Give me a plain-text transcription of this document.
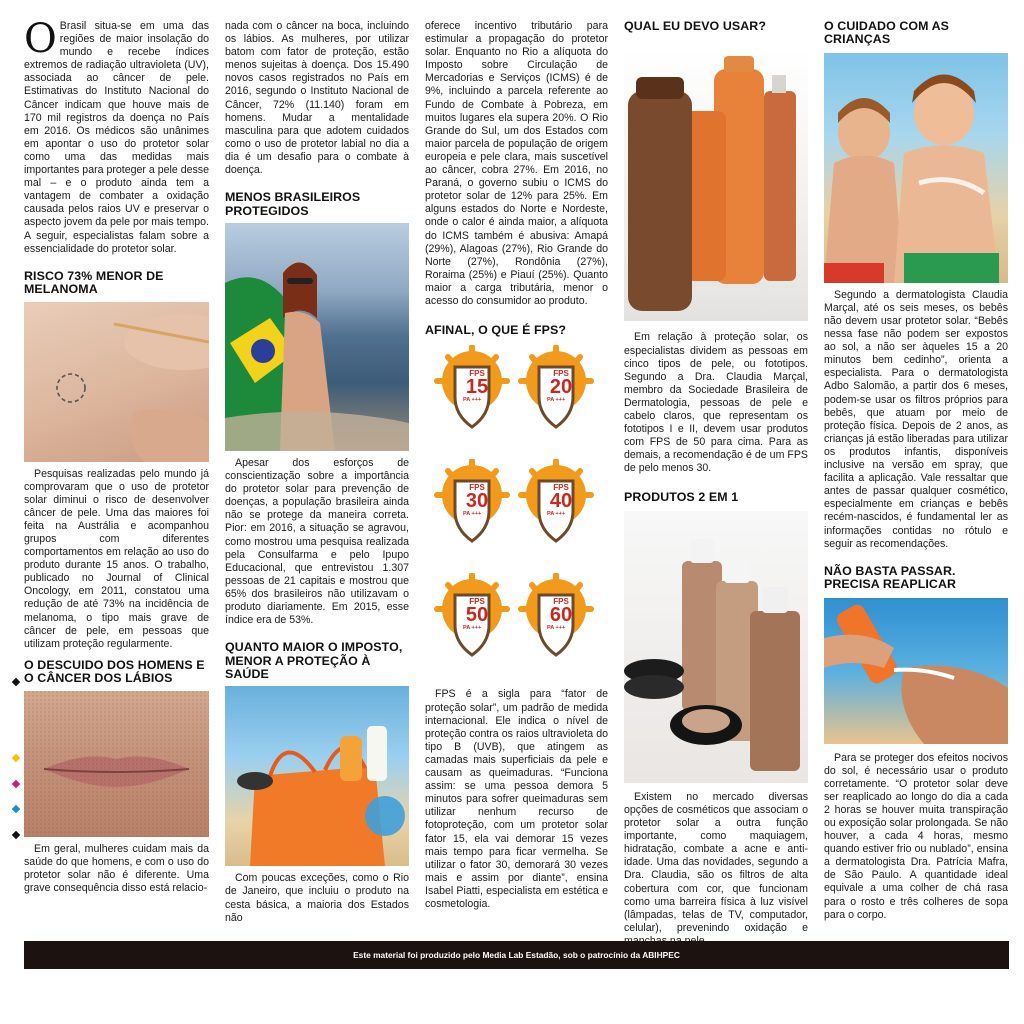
O Brasil situa-se em uma das regiões de maior insolação do mundo e recebe índices extremos de radiação ultravioleta (UV), associada ao câncer de pele. Estimativas do Instituto Nacional do Câncer indicam que houve mais de 170 mil registros da doença no País em 2016. Os médicos são unânimes em apontar o uso do protetor solar como uma das medidas mais importantes para proteger a pele desse mal – e o produto ainda tem a vantagem de combater a oxidação causada pelos raios UV e preservar o aspecto jovem da pele por mais tempo. A seguir, especialistas falam sobre a essencialidade do protetor solar.

RISCO 73% MENOR DE MELANOMA

Pesquisas realizadas pelo mundo já comprovaram que o uso de protetor solar diminui o risco de desenvolver câncer de pele. Uma das maiores foi feita na Austrália e acompanhou grupos com diferentes comportamentos em relação ao uso do produto durante 15 anos. O trabalho, publicado no Journal of Clinical Oncology, em 2011, constatou uma redução de até 73% na incidência de melanoma, o tipo mais grave de câncer de pele, em pessoas que utilizam proteção regularmente.

O DESCUIDO DOS HOMENS E O CÂNCER DOS LÁBIOS

Em geral, mulheres cuidam mais da saúde do que homens, e com o uso do protetor solar não é diferente. Uma grave consequência disso está relacio-

nada com o câncer na boca, incluindo os lábios. As mulheres, por utilizar batom com fator de proteção, estão menos sujeitas à doença. Dos 15.490 novos casos registrados no País em 2016, segundo o Instituto Nacional de Câncer, 72% (11.140) foram em homens. Mudar a mentalidade masculina para que adotem cuidados como o uso de protetor labial no dia a dia é um desafio para o combate à doença.

MENOS BRASILEIROS PROTEGIDOS

Apesar dos esforços de conscientização sobre a importância do protetor solar para prevenção de doenças, a população brasileira ainda não se protege da maneira correta. Pior: em 2016, a situação se agravou, como mostrou uma pesquisa realizada pela Consulfarma e pelo Ipupo Educacional, que entrevistou 1.307 pessoas de 21 capitais e mostrou que 65% dos brasileiros não utilizavam o produto diariamente. Em 2015, esse índice era de 53%.

QUANTO MAIOR O IMPOSTO, MENOR A PROTEÇÃO À SAÚDE

Com poucas exceções, como o Rio de Janeiro, que incluiu o produto na cesta básica, a maioria dos Estados não

oferece incentivo tributário para estimular a propagação do protetor solar. Enquanto no Rio a alíquota do Imposto sobre Circulação de Mercadorias e Serviços (ICMS) é de 9%, incluindo a parcela referente ao Fundo de Combate à Pobreza, em muitos lugares ela supera 20%. O Rio Grande do Sul, um dos Estados com maior parcela de população de origem europeia e pele clara, mais suscetível ao câncer, cobra 27%. Em 2016, no Paraná, o governo subiu o ICMS do protetor solar de 12% para 25%. Em alguns estados do Norte e Nordeste, onde o calor é ainda maior, a alíquota do ICMS também é abusiva: Amapá (29%), Alagoas (27%), Rio Grande do Norte (27%), Rondônia (27%), Roraima (25%) e Piauí (25%). Quanto maior a carga tributária, menor o acesso do consumidor ao produto.

AFINAL, O QUE É FPS?
FPS
15
PA +++
FPS
20
PA +++
FPS
30
PA +++
FPS
40
PA +++
FPS
50
PA +++
FPS
60
PA +++

FPS é a sigla para “fator de proteção solar”, um padrão de medida internacional. Ele indica o nível de proteção contra os raios ultravioleta do tipo B (UVB), que atingem as camadas mais superficiais da pele e causam as queimaduras. “Funciona assim: se uma pessoa demora 5 minutos para sofrer queimaduras sem utilizar nenhum recurso de fotoproteção, com um protetor solar fator 15, ela vai demorar 15 vezes mais tempo para ficar vermelha. Se utilizar o fator 30, demorará 30 vezes mais e assim por diante”, ensina Isabel Piatti, especialista em estética e cosmetologia.

QUAL EU DEVO USAR?

Em relação à proteção solar, os especialistas dividem as pessoas em cinco tipos de pele, ou fototipos. Segundo a Dra. Claudia Marçal, membro da Sociedade Brasileira de Dermatologia, pessoas de pele e cabelo claros, que representam os fototipos I e II, devem usar produtos com FPS de 50 para cima. Para as demais, a recomendação é de um FPS de pelo menos 30.

PRODUTOS 2 EM 1

Existem no mercado diversas opções de cosméticos que associam o protetor solar a outra função importante, como maquiagem, hidratação, combate a acne e anti-idade. Uma das novidades, segundo a Dra. Claudia, são os filtros de alta cobertura com cor, que funcionam como uma barreira física à luz visível (lâmpadas, telas de TV, computador, celular), prevenindo oxidação e

O CUIDADO COM AS CRIANÇAS

Segundo a dermatologista Claudia Marçal, até os seis meses, os bebês não devem usar protetor solar. “Bebês nessa fase não podem ser expostos ao sol, a não ser àqueles 15 a 20 minutos bem cedinho”, orienta a especialista. Para o dermatologista Adbo Salomão, a partir dos 6 meses, podem-se usar os filtros próprios para bebês, que atuam por meio de proteção física. Depois de 2 anos, as crianças já estão liberadas para utilizar os produtos infantis, disponíveis inclusive na versão em spray, que facilita a aplicação. Vale ressaltar que antes de passar qualquer cosmético, especialmente em crianças e bebês recém-nascidos, é fundamental ler as informações contidas no rótulo e seguir as recomendações.

NÃO BASTA PASSAR. PRECISA REAPLICAR

Para se proteger dos efeitos nocivos do sol, é necessário usar o produto corretamente. “O protetor solar deve ser reaplicado ao longo do dia a cada 2 horas se houver muita transpiração ou exposição solar prolongada. Se não houver, a cada 4 horas, mesmo quando estiver frio ou nublado”, ensina a dermatologista Dra. Patrícia Mafra, de São Paulo. A quantidade ideal equivale a uma colher de chá rasa para o rosto e três colheres de sopa para o corpo.

Este material foi produzido pelo Media Lab Estadão, sob o patrocínio da ABIHPEC
